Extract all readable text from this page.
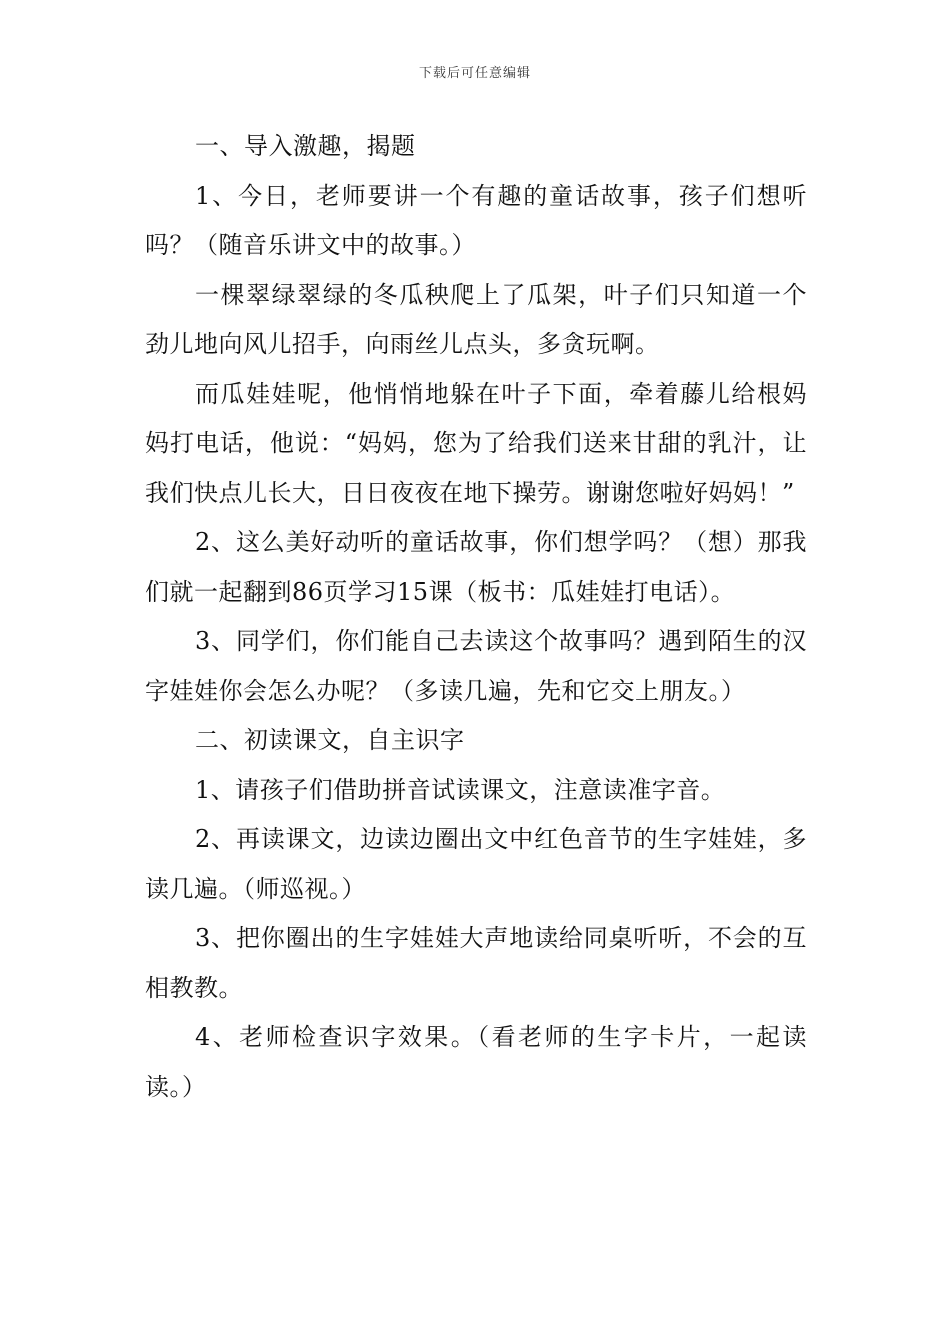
下载后可任意编辑

一、导入激趣，揭题

1、今日，老师要讲一个有趣的童话故事，孩子们想听吗？（随音乐讲文中的故事。）

一棵翠绿翠绿的冬瓜秧爬上了瓜架，叶子们只知道一个劲儿地向风儿招手，向雨丝儿点头，多贪玩啊。

而瓜娃娃呢，他悄悄地躲在叶子下面，牵着藤儿给根妈妈打电话，他说：“妈妈，您为了给我们送来甘甜的乳汁，让我们快点儿长大，日日夜夜在地下操劳。谢谢您啦好妈妈！”

2、这么美好动听的童话故事，你们想学吗？（想）那我们就一起翻到86页学习15课（板书：瓜娃娃打电话）。

3、同学们，你们能自己去读这个故事吗？遇到陌生的汉字娃娃你会怎么办呢？（多读几遍，先和它交上朋友。）

二、初读课文，自主识字

1、请孩子们借助拼音试读课文，注意读准字音。

2、再读课文，边读边圈出文中红色音节的生字娃娃，多读几遍。（师巡视。）

3、把你圈出的生字娃娃大声地读给同桌听听，不会的互相教教。

4、老师检查识字效果。（看老师的生字卡片，一起读读。）
